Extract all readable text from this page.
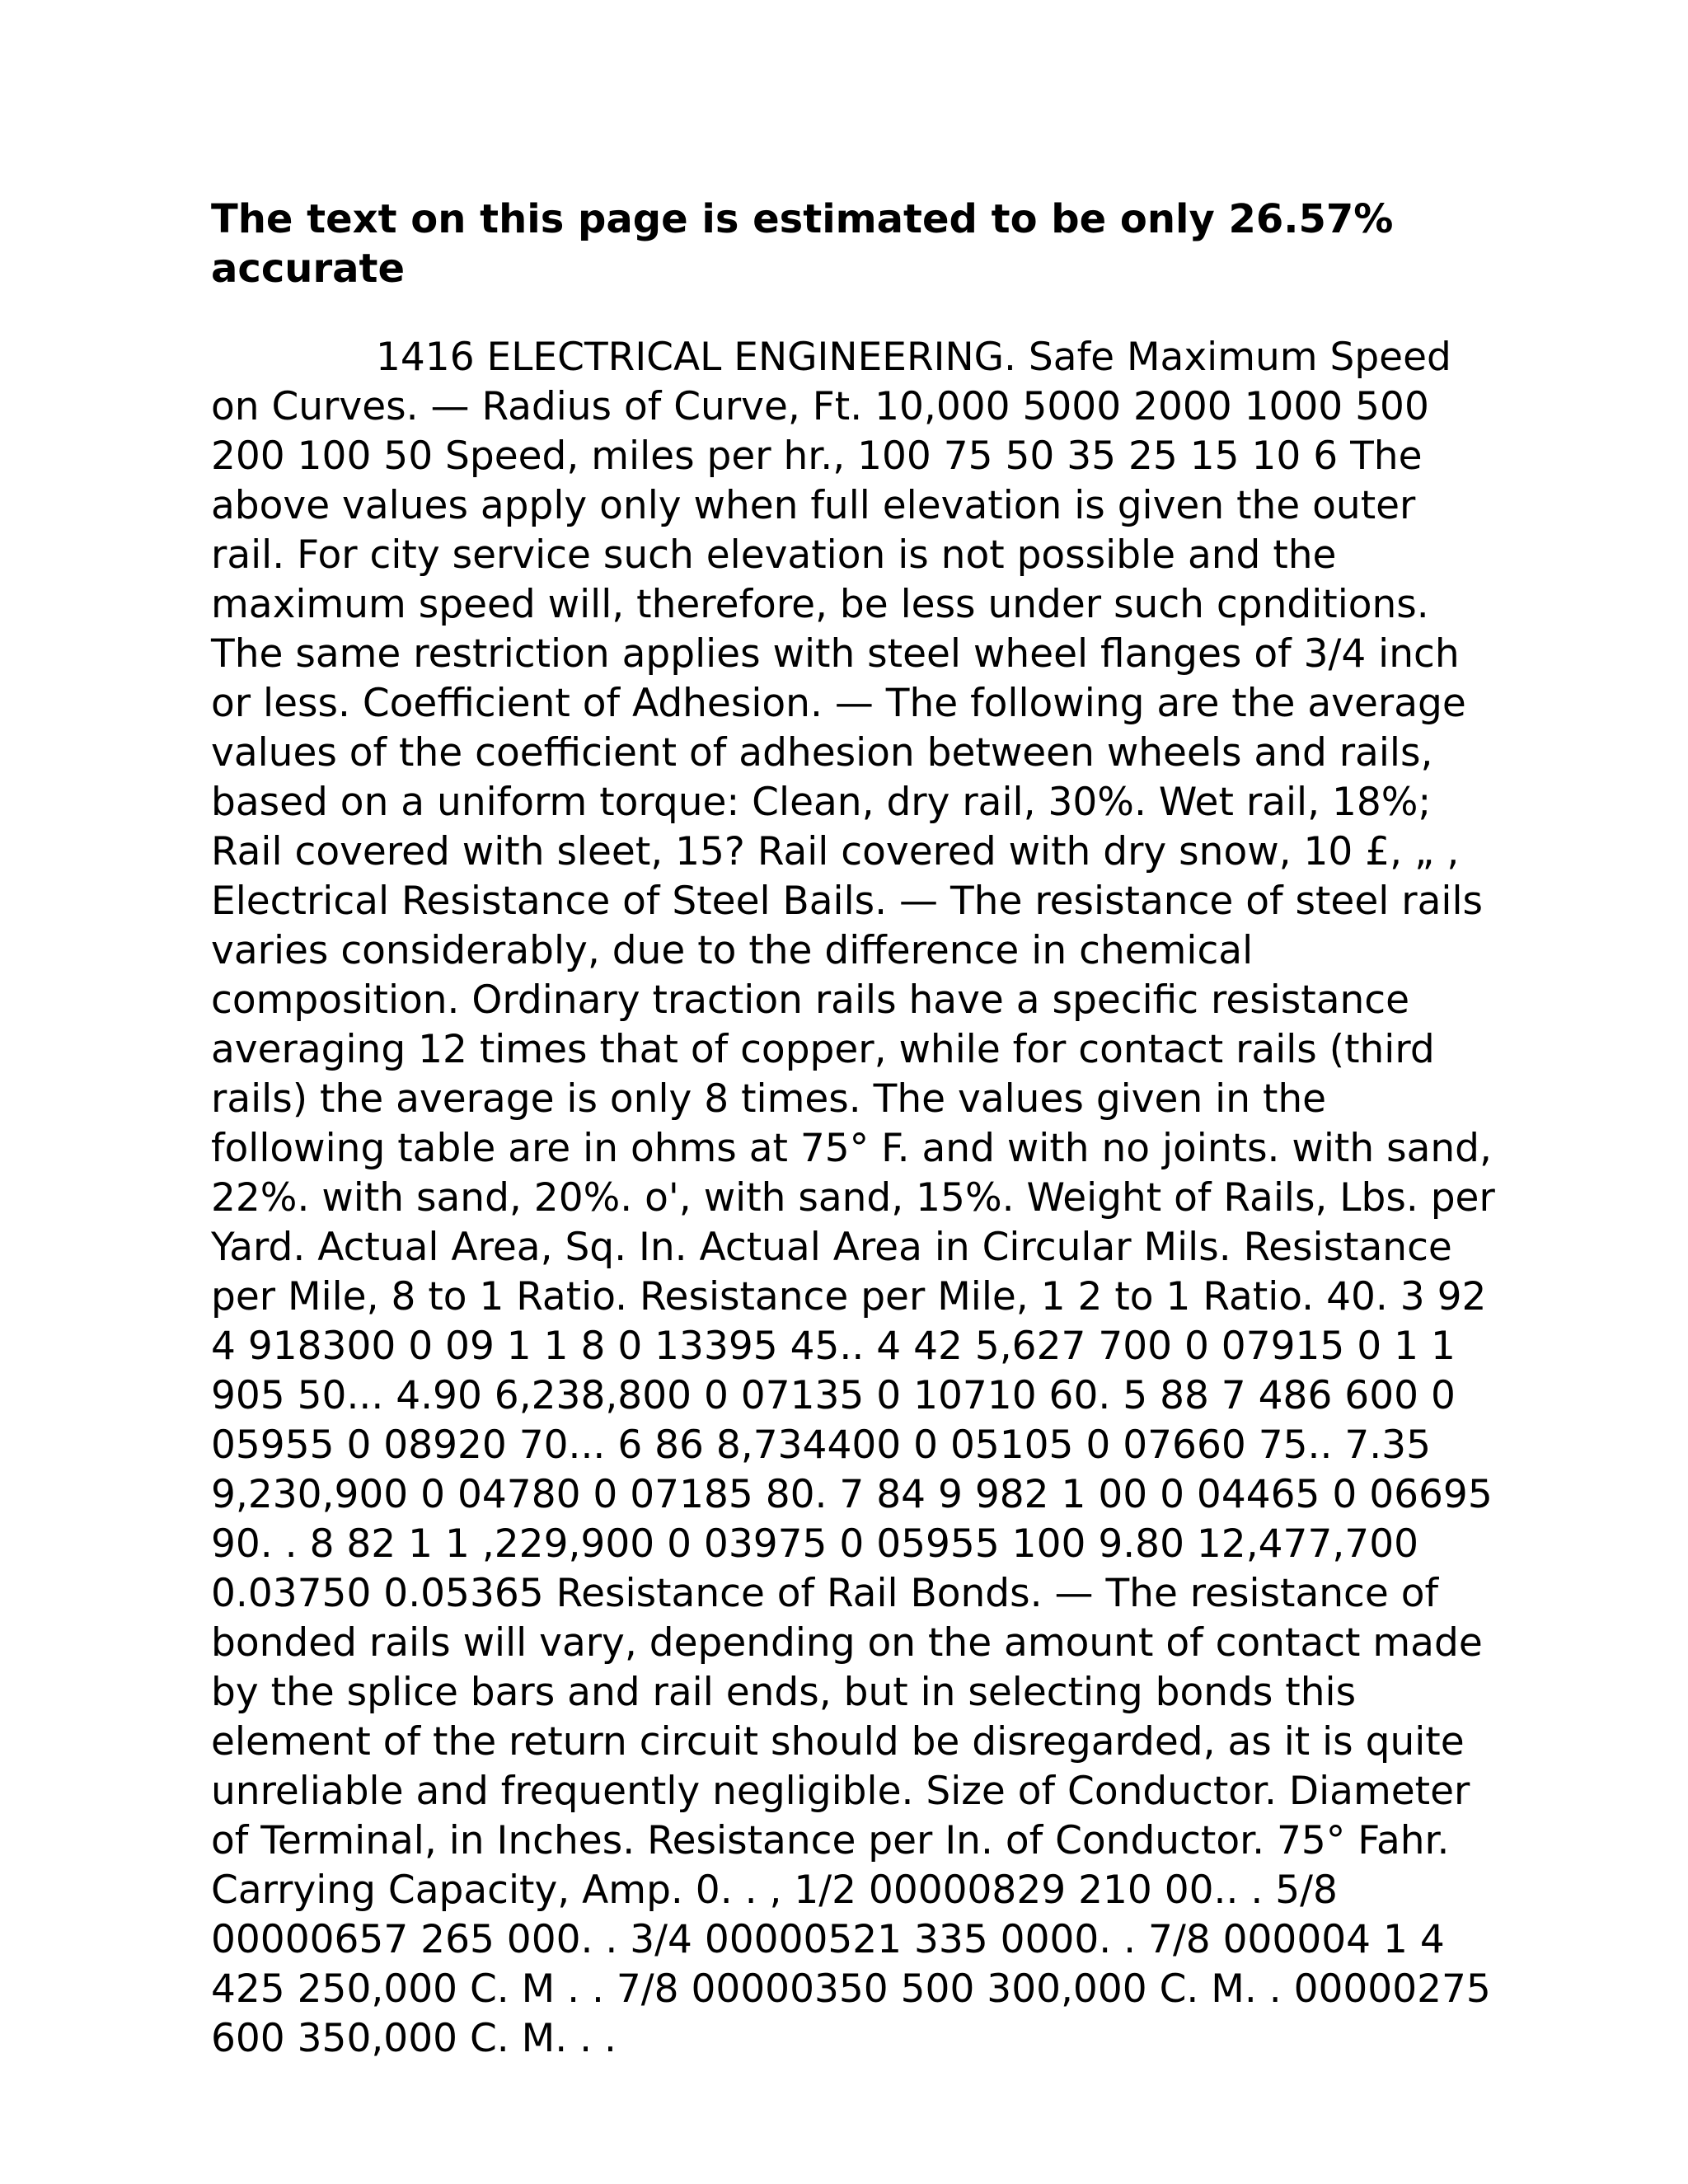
The text on this page is estimated to be only 26.57% accurate

1416 ELECTRICAL ENGINEERING. Safe Maximum Speed on Curves. — Radius of Curve, Ft. 10,000 5000 2000 1000 500 200 100 50 Speed, miles per hr., 100 75 50 35 25 15 10 6 The above values apply only when full elevation is given the outer rail. For city service such elevation is not possible and the maximum speed will, therefore, be less under such cpnditions. The same restriction applies with steel wheel flanges of 3/4 inch or less. Coefficient of Adhesion. — The following are the average values of the coefficient of adhesion between wheels and rails, based on a uniform torque: Clean, dry rail, 30%. Wet rail, 18%; Rail covered with sleet, 15? Rail covered with dry snow, 10 £, „ , Electrical Resistance of Steel Bails. — The resistance of steel rails varies considerably, due to the difference in chemical composition. Ordinary traction rails have a specific resistance averaging 12 times that of copper, while for contact rails (third rails) the average is only 8 times. The values given in the following table are in ohms at 75° F. and with no joints. with sand, 22%. with sand, 20%. o', with sand, 15%. Weight of Rails, Lbs. per Yard. Actual Area, Sq. In. Actual Area in Circular Mils. Resistance per Mile, 8 to 1 Ratio. Resistance per Mile, 1 2 to 1 Ratio. 40. 3 92 4 918300 0 09 1 1 8 0 13395 45.. 4 42 5,627 700 0 07915 0 1 1 905 50... 4.90 6,238,800 0 07135 0 10710 60. 5 88 7 486 600 0 05955 0 08920 70... 6 86 8,734400 0 05105 0 07660 75.. 7.35 9,230,900 0 04780 0 07185 80. 7 84 9 982 1 00 0 04465 0 06695 90. . 8 82 1 1 ,229,900 0 03975 0 05955 100 9.80 12,477,700 0.03750 0.05365 Resistance of Rail Bonds. — The resistance of bonded rails will vary, depending on the amount of contact made by the splice bars and rail ends, but in selecting bonds this element of the return circuit should be disregarded, as it is quite unreliable and frequently negligible. Size of Conductor. Diameter of Terminal, in Inches. Resistance per In. of Conductor. 75° Fahr. Carrying Capacity, Amp. 0. . , 1/2 00000829 210 00.. . 5/8 00000657 265 000. . 3/4 00000521 335 0000. . 7/8 000004 1 4 425 250,000 C. M . . 7/8 00000350 500 300,000 C. M. . 00000275 600 350,000 C. M. . .
